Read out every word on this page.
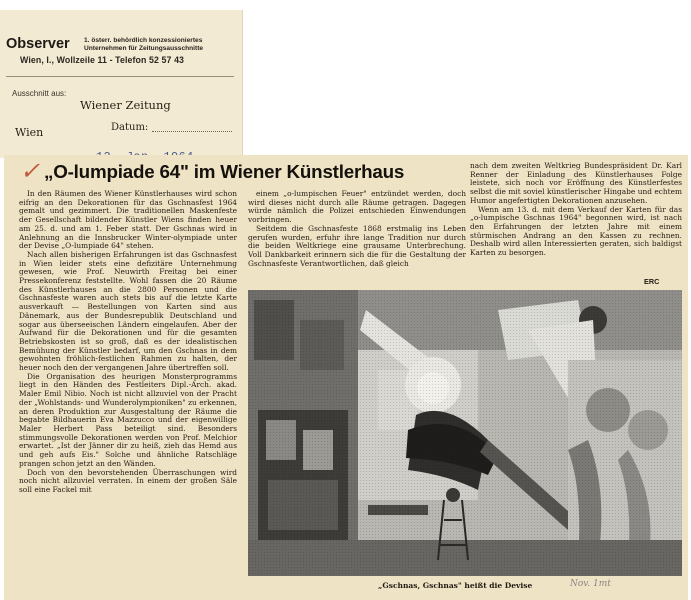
Observer 1. österr. behördlich konzessioniertes
Unternehmen für Zeitungsausschnitte
Wien, I., Wollzeile 11 - Telefon 52 57 43
Ausschnitt aus:
Wiener Zeitung
Wien	Datum:
✓ „O-lumpiade 64" im Wiener Künstlerhaus

In den Räumen des Wiener Künstlerhauses wird schon eifrig an den Dekorationen für das Gschnasfest 1964 gemalt und gezimmert. Die traditionellen Maskenfeste der Gesellschaft bildender Künstler Wiens finden heuer am 25. d. und am 1. Feber statt. Der Gschnas wird in Anlehnung an die Innsbrucker Winter-olympiade unter der Devise „O-lumpiade 64" stehen.

Nach allen bisherigen Erfahrungen ist das Gschnasfest in Wien leider stets eine defizitäre Unternehmung gewesen, wie Prof. Neuwirth Freitag bei einer Pressekonferenz feststellte. Wohl fassen die 20 Räume des Künstlerhauses an die 2800 Personen und die Gschnasfeste waren auch stets bis auf die letzte Karte ausverkauft — Bestellungen von Karten sind aus Dänemark, aus der Bundesrepublik Deutschland und sogar aus überseeischen Ländern eingelaufen. Aber der Aufwand für die Dekorationen und für die gesamten Betriebskosten ist so groß, daß es der idealistischen Bemühung der Künstler bedarf, um den Gschnas in dem gewohnten fröhlich-festlichen Rahmen zu halten, der heuer noch den der vergangenen Jahre übertreffen soll.

Die Organisation des heurigen Monsterprogramms liegt in den Händen des Festleiters Dipl.-Arch. akad. Maler Emil Nibio. Noch ist nicht allzuviel von der Pracht der „Wohlstands- und Wunderolympioniken" zu erkennen, an deren Produktion zur Ausgestaltung der Räume die begabte Bildhauerin Eva Mazzucco und der eigenwillige Maler Herbert Pass beteiligt sind. Besonders stimmungsvolle Dekorationen werden von Prof. Melchior erwartet. „Ist der Jänner dir zu heiß, zieh das Hemd aus und geh aufs Eis." Solche und ähnliche Ratschläge prangen schon jetzt an den Wänden.

Doch von den bevorstehenden Überraschungen wird noch nicht allzuviel verraten. In einem der großen Säle soll eine Fackel mit

einem „o-lumpischen Feuer" entzündet werden, doch wird dieses nicht durch alle Räume getragen. Dagegen würde nämlich die Polizei entschieden Einwendungen vorbringen.

Seitdem die Gschnasfeste 1868 erstmalig ins Leben gerufen wurden, erfuhr ihre lange Tradition nur durch die beiden Weltkriege eine grausame Unterbrechung. Voll Dankbarkeit erinnern sich die für die Gestaltung der Gschnasfeste Verantwortlichen, daß gleich

nach dem zweiten Weltkrieg Bundespräsident Dr. Karl Renner der Einladung des Künstlerhauses Folge leistete, sich noch vor Eröffnung des Künstlerfestes selbst die mit soviel künstlerischer Hingabe und echtem Humor angefertigten Dekorationen anzusehen.

Wenn am 13. d. mit dem Verkauf der Karten für das „o-lumpische Gschnas 1964" begonnen wird, ist nach den Erfahrungen der letzten Jahre mit einem stürmischen Andrang an den Kassen zu rechnen. Deshalb wird allen Interessierten geraten, sich baldigst Karten zu besorgen.

ERC
„Gschnas, Gschnas" heißt die Devise	Nov. 1mt
